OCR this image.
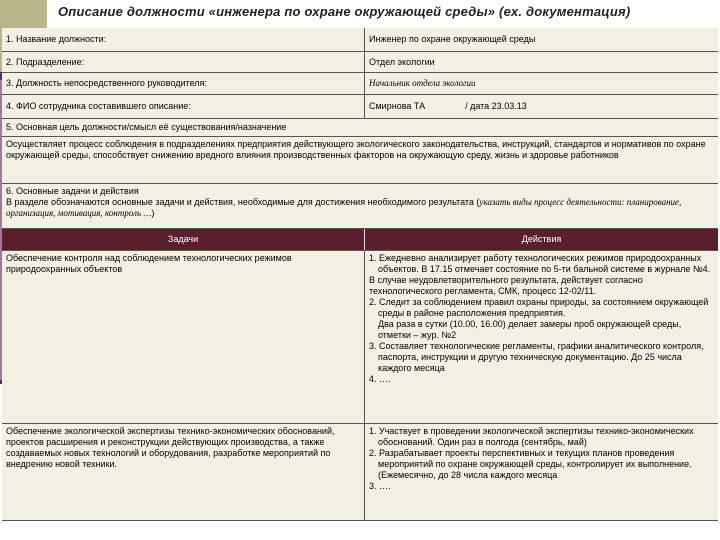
Описание должности «инженера по охране окружающей среды» (ex. документация)
1. Название должности:	Инженер по охране окружающей среды
2. Подразделение:	Отдел экологии
3. Должность непосредственного руководителя:	Начальник отдела экологии
4. ФИО сотрудника составившего описание:	Смирнова ТА	/ дата 23.03.13
5. Основная цель должности/смысл её существования/назначение
Осуществляет процесс соблюдения в подразделениях предприятия действующего экологического законодательства, инструкций, стандартов и нормативов по охране окружающей среды, способствует снижению вредного влияния производственных факторов на окружающую среду, жизнь и здоровье работников
6. Основные задачи и действия
В разделе обозначаются основные задачи и действия, необходимые для достижения необходимого результата (указать виды процесс деятельности: планирование, организация, мотивация, контроль …)
Задачи	Действия
Обеспечение контроля над соблюдением технологических режимов природоохранных объектов
1. Ежедневно анализирует работу технологических режимов природоохранных объектов. В 17.15 отмечает состояние по 5-ти бальной системе в журнале №4.
В случае неудовлетворительного результата, действует согласно технологического регламента, СМК, процесс 12-02/11.
2. Следит за соблюдением правил охраны природы, за состоянием окружающей среды в районе расположения предприятия.
Два раза в сутки (10.00, 16.00) делает замеры проб окружающей среды, отметки – жур. №2
3. Составляет технологические регламенты, графики аналитического контроля, паспорта, инструкции и другую техническую документацию. До 25 числа каждого месяца
4. ….
Обеспечение экологической экспертизы технико-экономических обоснований, проектов расширения и реконструкции действующих производства, а также создаваемых новых технологий и оборудования, разработке мероприятий по внедрению новой техники.
1. Участвует в проведении экологической экспертизы технико-экономических обоснований. Один раз в полгода (сентябрь, май)
2. Разрабатывает проекты перспективных и текущих планов проведения мероприятий по охране окружающей среды, контролирует их выполнение. (Ежемесячно, до 28 числа каждого месяца
3. ….
